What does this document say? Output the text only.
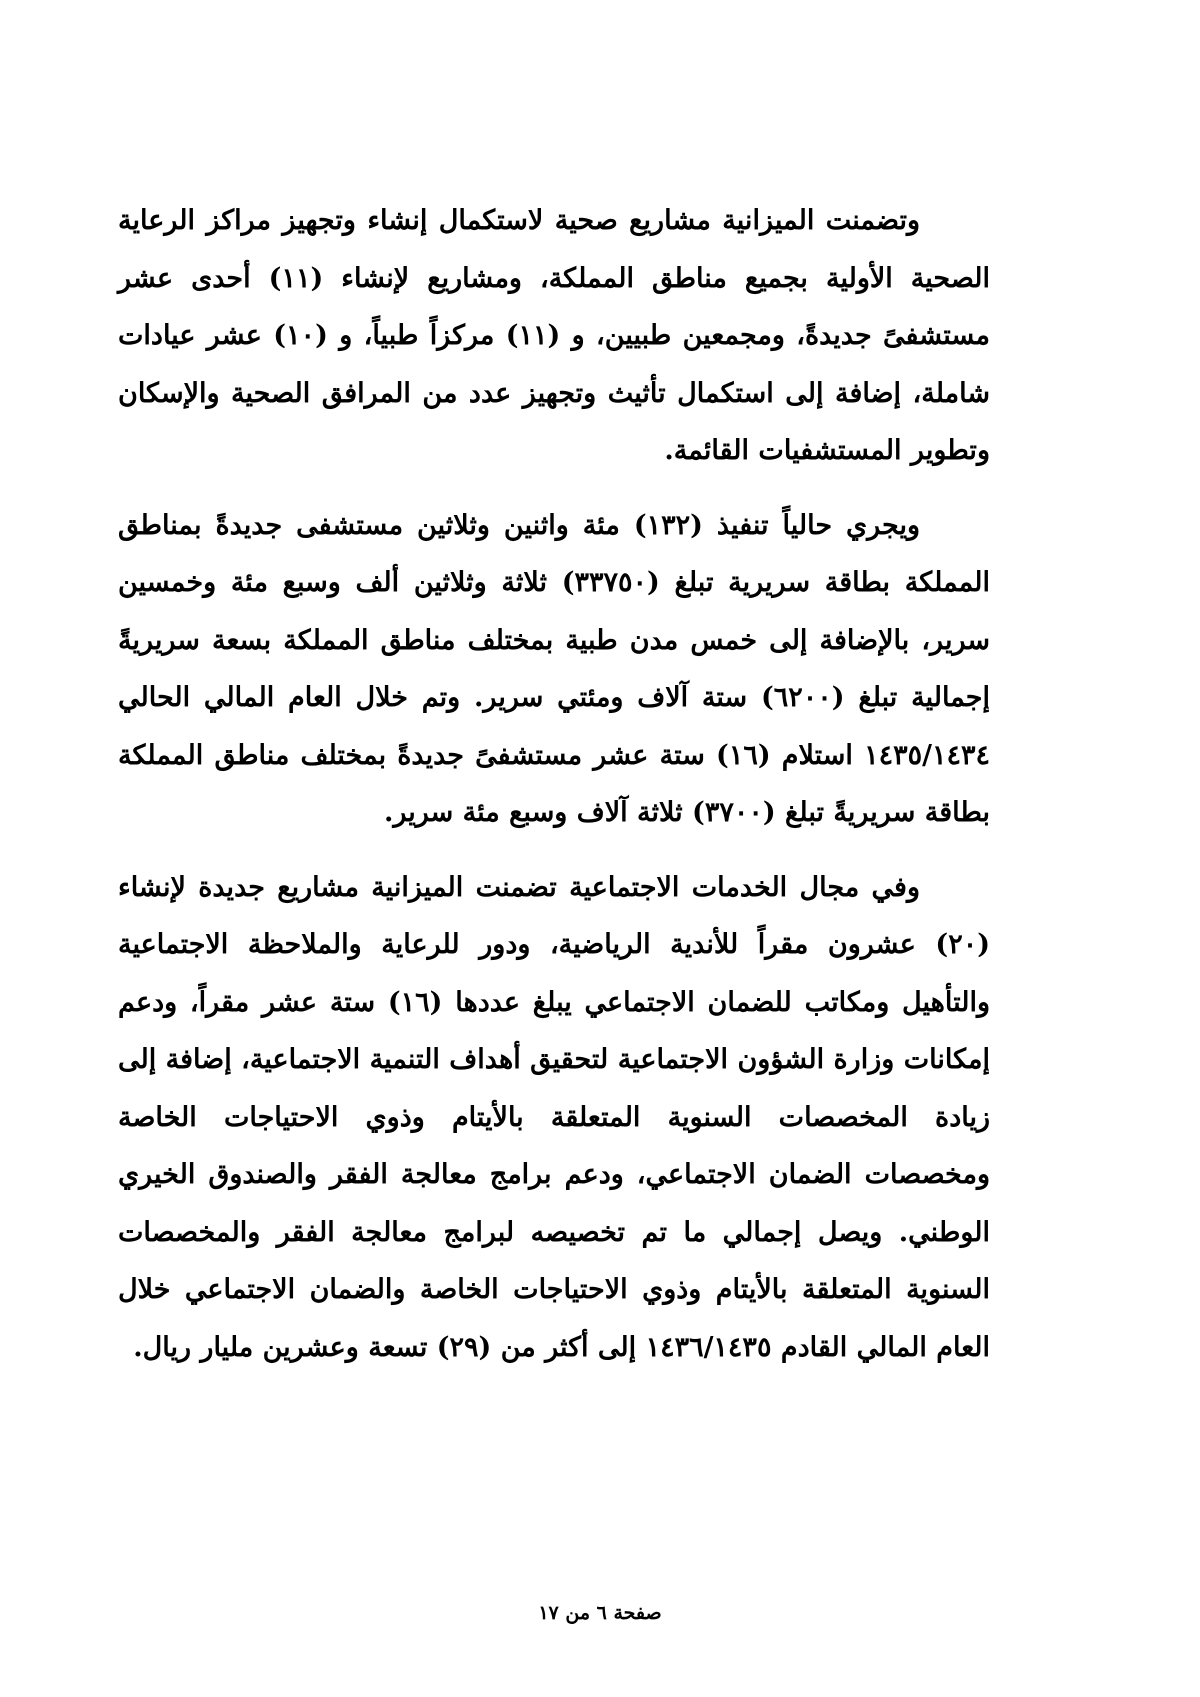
وتضمنت الميزانية مشاريع صحية لاستكمال إنشاء وتجهيز مراكز الرعاية الصحية الأولية بجميع مناطق المملكة، ومشاريع لإنشاء (١١) أحدى عشر مستشفىً جديدةً، ومجمعين طبيين، و (١١) مركزاً طبياً، و (١٠) عشر عيادات شاملة، إضافة إلى استكمال تأثيث وتجهيز عدد من المرافق الصحية والإسكان وتطوير المستشفيات القائمة.

ويجري حالياً تنفيذ (١٣٢) مئة واثنين وثلاثين مستشفى جديدةً بمناطق المملكة بطاقة سريرية تبلغ (٣٣٧٥٠) ثلاثة وثلاثين ألف وسبع مئة وخمسين سرير، بالإضافة إلى خمس مدن طبية بمختلف مناطق المملكة بسعة سريريةً إجمالية تبلغ (٦٢٠٠) ستة آلاف ومئتي سرير. وتم خلال العام المالي الحالي ١٤٣٥/١٤٣٤ استلام (١٦) ستة عشر مستشفىً جديدةً بمختلف مناطق المملكة بطاقة سريريةً تبلغ (٣٧٠٠) ثلاثة آلاف وسبع مئة سرير.

وفي مجال الخدمات الاجتماعية تضمنت الميزانية مشاريع جديدة لإنشاء (٢٠) عشرون مقراً للأندية الرياضية، ودور للرعاية والملاحظة الاجتماعية والتأهيل ومكاتب للضمان الاجتماعي يبلغ عددها (١٦) ستة عشر مقراً، ودعم إمكانات وزارة الشؤون الاجتماعية لتحقيق أهداف التنمية الاجتماعية، إضافة إلى زيادة المخصصات السنوية المتعلقة بالأيتام وذوي الاحتياجات الخاصة ومخصصات الضمان الاجتماعي، ودعم برامج معالجة الفقر والصندوق الخيري الوطني. ويصل إجمالي ما تم تخصيصه لبرامج معالجة الفقر والمخصصات السنوية المتعلقة بالأيتام وذوي الاحتياجات الخاصة والضمان الاجتماعي خلال العام المالي القادم ١٤٣٦/١٤٣٥ إلى أكثر من (٢٩) تسعة وعشرين مليار ريال.

صفحة ٦ من ١٧
